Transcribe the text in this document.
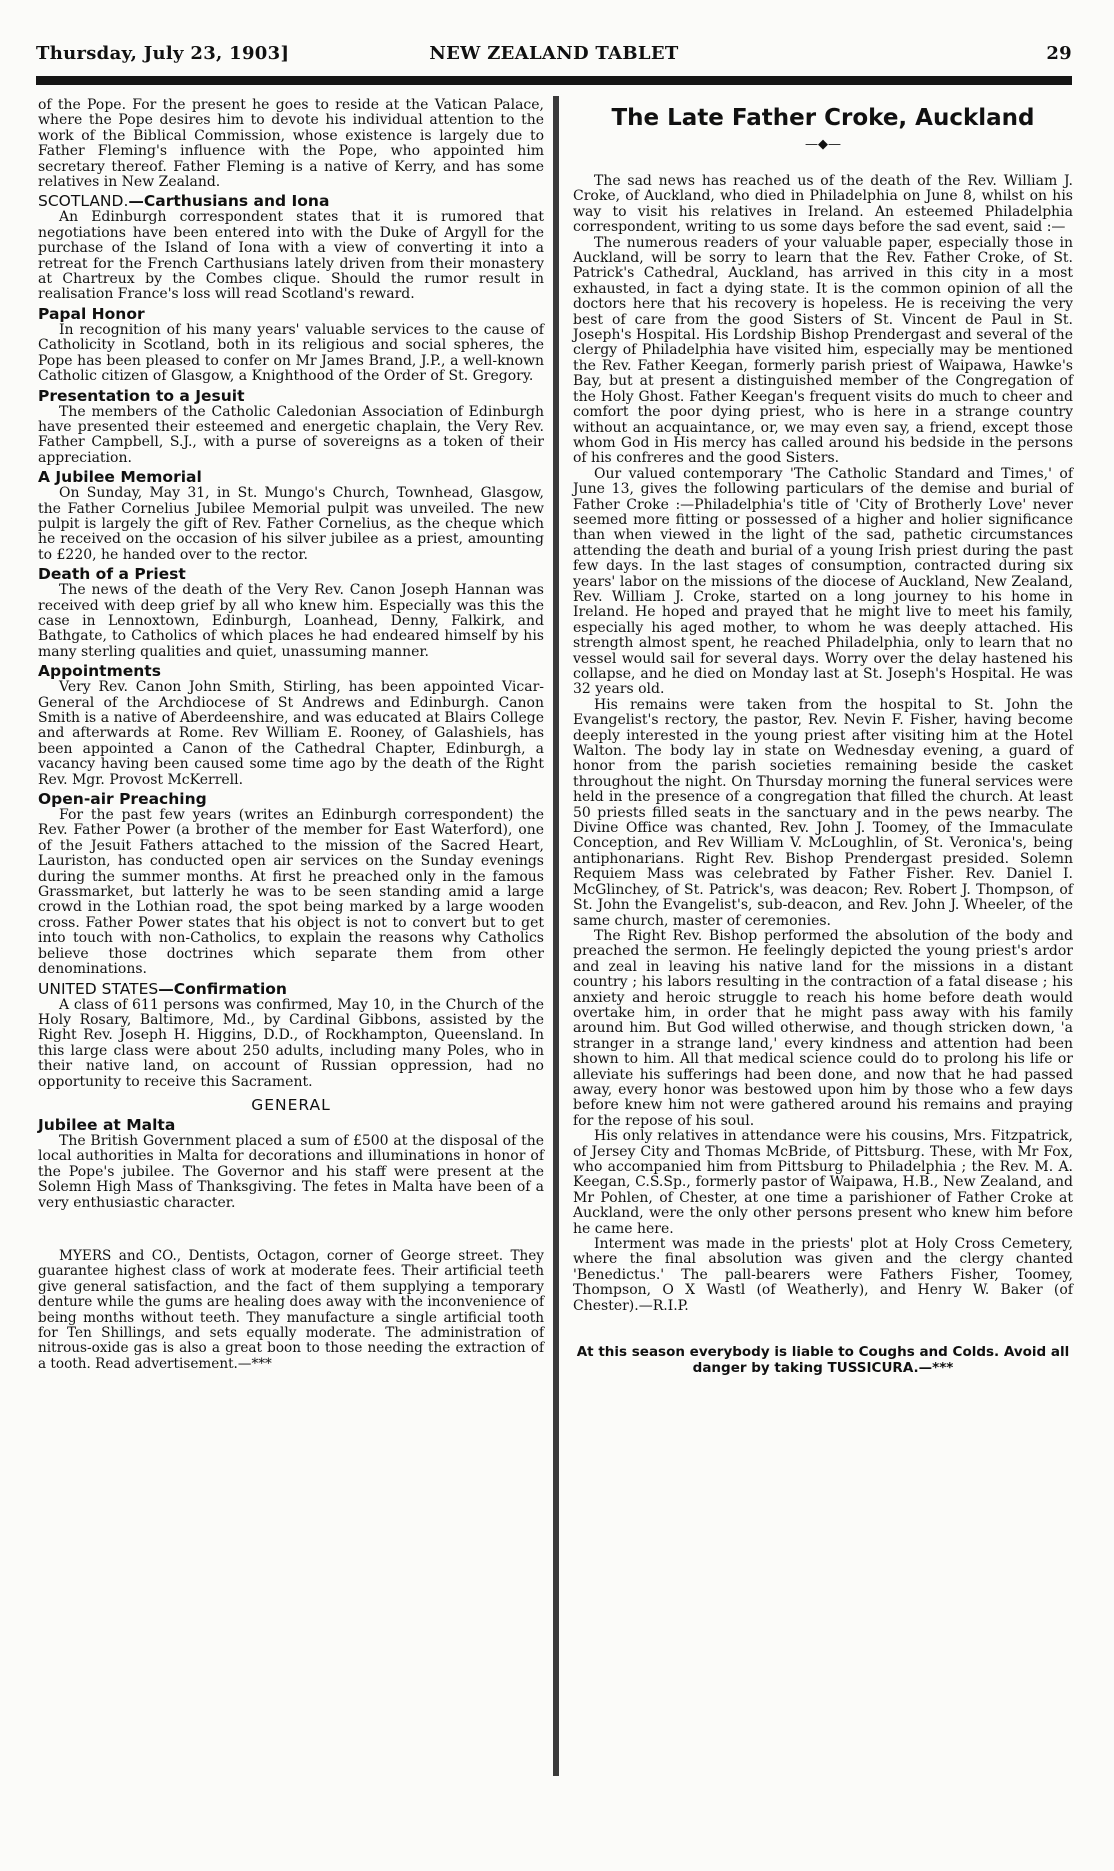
Thursday, July 23, 1903]	NEW ZEALAND TABLET	29

of the Pope. For the present he goes to reside at the Vatican Palace, where the Pope desires him to devote his individual attention to the work of the Biblical Commission, whose existence is largely due to Father Fleming's influence with the Pope, who appointed him secretary thereof. Father Fleming is a native of Kerry, and has some relatives in New Zealand.

SCOTLAND.—Carthusians and Iona

An Edinburgh correspondent states that it is rumored that negotiations have been entered into with the Duke of Argyll for the purchase of the Island of Iona with a view of converting it into a retreat for the French Carthusians lately driven from their monastery at Chartreux by the Combes clique. Should the rumor result in realisation France's loss will read Scotland's reward.

Papal Honor

In recognition of his many years' valuable services to the cause of Catholicity in Scotland, both in its religious and social spheres, the Pope has been pleased to confer on Mr James Brand, J.P., a well-known Catholic citizen of Glasgow, a Knighthood of the Order of St. Gregory.

Presentation to a Jesuit

The members of the Catholic Caledonian Association of Edinburgh have presented their esteemed and energetic chaplain, the Very Rev. Father Campbell, S.J., with a purse of sovereigns as a token of their appreciation.

A Jubilee Memorial

On Sunday, May 31, in St. Mungo's Church, Townhead, Glasgow, the Father Cornelius Jubilee Memorial pulpit was unveiled. The new pulpit is largely the gift of Rev. Father Cornelius, as the cheque which he received on the occasion of his silver jubilee as a priest, amounting to £220, he handed over to the rector.

Death of a Priest

The news of the death of the Very Rev. Canon Joseph Hannan was received with deep grief by all who knew him. Especially was this the case in Lennoxtown, Edinburgh, Loanhead, Denny, Falkirk, and Bathgate, to Catholics of which places he had endeared himself by his many sterling qualities and quiet, unassuming manner.

Appointments

Very Rev. Canon John Smith, Stirling, has been appointed Vicar-General of the Archdiocese of St Andrews and Edinburgh. Canon Smith is a native of Aberdeenshire, and was educated at Blairs College and afterwards at Rome. Rev William E. Rooney, of Galashiels, has been appointed a Canon of the Cathedral Chapter, Edinburgh, a vacancy having been caused some time ago by the death of the Right Rev. Mgr. Provost McKerrell.

Open-air Preaching

For the past few years (writes an Edinburgh correspondent) the Rev. Father Power (a brother of the member for East Waterford), one of the Jesuit Fathers attached to the mission of the Sacred Heart, Lauriston, has conducted open air services on the Sunday evenings during the summer months. At first he preached only in the famous Grassmarket, but latterly he was to be seen standing amid a large crowd in the Lothian road, the spot being marked by a large wooden cross. Father Power states that his object is not to convert but to get into touch with non-Catholics, to explain the reasons why Catholics believe those doctrines which separate them from other denominations.

UNITED STATES—Confirmation

A class of 611 persons was confirmed, May 10, in the Church of the Holy Rosary, Baltimore, Md., by Cardinal Gibbons, assisted by the Right Rev. Joseph H. Higgins, D.D., of Rockhampton, Queensland. In this large class were about 250 adults, including many Poles, who in their native land, on account of Russian oppression, had no opportunity to receive this Sacrament.

GENERAL
Jubilee at Malta

The British Government placed a sum of £500 at the disposal of the local authorities in Malta for decorations and illuminations in honor of the Pope's jubilee. The Governor and his staff were present at the Solemn High Mass of Thanksgiving. The fetes in Malta have been of a very enthusiastic character.

MYERS and CO., Dentists, Octagon, corner of George street. They guarantee highest class of work at moderate fees. Their artificial teeth give general satisfaction, and the fact of them supplying a temporary denture while the gums are healing does away with the inconvenience of being months without teeth. They manufacture a single artificial tooth for Ten Shillings, and sets equally moderate. The administration of nitrous-oxide gas is also a great boon to those needing the extraction of a tooth. Read advertisement.—***

The Late Father Croke, Auckland
—◆—

The sad news has reached us of the death of the Rev. William J. Croke, of Auckland, who died in Philadelphia on June 8, whilst on his way to visit his relatives in Ireland. An esteemed Philadelphia correspondent, writing to us some days before the sad event, said :—

The numerous readers of your valuable paper, especially those in Auckland, will be sorry to learn that the Rev. Father Croke, of St. Patrick's Cathedral, Auckland, has arrived in this city in a most exhausted, in fact a dying state. It is the common opinion of all the doctors here that his recovery is hopeless. He is receiving the very best of care from the good Sisters of St. Vincent de Paul in St. Joseph's Hospital. His Lordship Bishop Prendergast and several of the clergy of Philadelphia have visited him, especially may be mentioned the Rev. Father Keegan, formerly parish priest of Waipawa, Hawke's Bay, but at present a distinguished member of the Congregation of the Holy Ghost. Father Keegan's frequent visits do much to cheer and comfort the poor dying priest, who is here in a strange country without an acquaintance, or, we may even say, a friend, except those whom God in His mercy has called around his bedside in the persons of his confreres and the good Sisters.

Our valued contemporary 'The Catholic Standard and Times,' of June 13, gives the following particulars of the demise and burial of Father Croke :—Philadelphia's title of 'City of Brotherly Love' never seemed more fitting or possessed of a higher and holier significance than when viewed in the light of the sad, pathetic circumstances attending the death and burial of a young Irish priest during the past few days. In the last stages of consumption, contracted during six years' labor on the missions of the diocese of Auckland, New Zealand, Rev. William J. Croke, started on a long journey to his home in Ireland. He hoped and prayed that he might live to meet his family, especially his aged mother, to whom he was deeply attached. His strength almost spent, he reached Philadelphia, only to learn that no vessel would sail for several days. Worry over the delay hastened his collapse, and he died on Monday last at St. Joseph's Hospital. He was 32 years old.

His remains were taken from the hospital to St. John the Evangelist's rectory, the pastor, Rev. Nevin F. Fisher, having become deeply interested in the young priest after visiting him at the Hotel Walton. The body lay in state on Wednesday evening, a guard of honor from the parish societies remaining beside the casket throughout the night. On Thursday morning the funeral services were held in the presence of a congregation that filled the church. At least 50 priests filled seats in the sanctuary and in the pews nearby. The Divine Office was chanted, Rev. John J. Toomey, of the Immaculate Conception, and Rev William V. McLoughlin, of St. Veronica's, being antiphonarians. Right Rev. Bishop Prendergast presided. Solemn Requiem Mass was celebrated by Father Fisher. Rev. Daniel I. McGlinchey, of St. Patrick's, was deacon; Rev. Robert J. Thompson, of St. John the Evangelist's, sub-deacon, and Rev. John J. Wheeler, of the same church, master of ceremonies.

The Right Rev. Bishop performed the absolution of the body and preached the sermon. He feelingly depicted the young priest's ardor and zeal in leaving his native land for the missions in a distant country ; his labors resulting in the contraction of a fatal disease ; his anxiety and heroic struggle to reach his home before death would overtake him, in order that he might pass away with his family around him. But God willed otherwise, and though stricken down, 'a stranger in a strange land,' every kindness and attention had been shown to him. All that medical science could do to prolong his life or alleviate his sufferings had been done, and now that he had passed away, every honor was bestowed upon him by those who a few days before knew him not were gathered around his remains and praying for the repose of his soul.

His only relatives in attendance were his cousins, Mrs. Fitzpatrick, of Jersey City and Thomas McBride, of Pittsburg. These, with Mr Fox, who accompanied him from Pittsburg to Philadelphia ; the Rev. M. A. Keegan, C.S.Sp., formerly pastor of Waipawa, H.B., New Zealand, and Mr Pohlen, of Chester, at one time a parishioner of Father Croke at Auckland, were the only other persons present who knew him before he came here.

Interment was made in the priests' plot at Holy Cross Cemetery, where the final absolution was given and the clergy chanted 'Benedictus.' The pall-bearers were Fathers Fisher, Toomey, Thompson, O X Wastl (of Weatherly), and Henry W. Baker (of Chester).—R.I.P.

At this season everybody is liable to Coughs and Colds. Avoid all danger by taking TUSSICURA.—***
